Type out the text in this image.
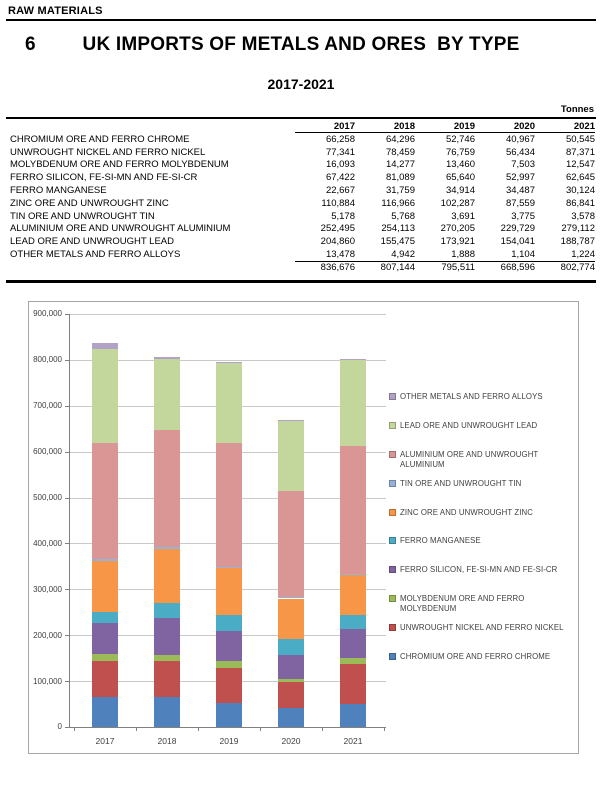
RAW MATERIALS
6	UK IMPORTS OF METALS AND ORES  BY TYPE
2017-2021
Tonnes
2017	2018	2019	2020	2021
CHROMIUM ORE AND FERRO CHROME	66,258	64,296	52,746	40,967	50,545
UNWROUGHT NICKEL AND FERRO NICKEL	77,341	78,459	76,759	56,434	87,371
MOLYBDENUM ORE AND FERRO MOLYBDENUM	16,093	14,277	13,460	7,503	12,547
FERRO SILICON, FE-SI-MN AND FE-SI-CR	67,422	81,089	65,640	52,997	62,645
FERRO MANGANESE	22,667	31,759	34,914	34,487	30,124
ZINC ORE AND UNWROUGHT ZINC	110,884	116,966	102,287	87,559	86,841
TIN ORE AND UNWROUGHT TIN	5,178	5,768	3,691	3,775	3,578
ALUMINIUM ORE AND UNWROUGHT ALUMINIUM	252,495	254,113	270,205	229,729	279,112
LEAD ORE AND UNWROUGHT LEAD	204,860	155,475	173,921	154,041	188,787
OTHER METALS AND FERRO ALLOYS	13,478	4,942	1,888	1,104	1,224
836,676	807,144	795,511	668,596	802,774
2017	2018	2019	2020	2021
0
100,000
200,000
300,000
400,000
500,000
600,000
700,000
800,000
900,000
OTHER METALS AND FERRO ALLOYS
LEAD ORE AND UNWROUGHT LEAD
ALUMINIUM ORE AND UNWROUGHT ALUMINIUM
TIN ORE AND UNWROUGHT TIN
ZINC ORE AND UNWROUGHT ZINC
FERRO MANGANESE
FERRO SILICON, FE-SI-MN AND FE-SI-CR
MOLYBDENUM ORE AND FERRO MOLYBDENUM
UNWROUGHT NICKEL AND FERRO NICKEL
CHROMIUM ORE AND FERRO CHROME
